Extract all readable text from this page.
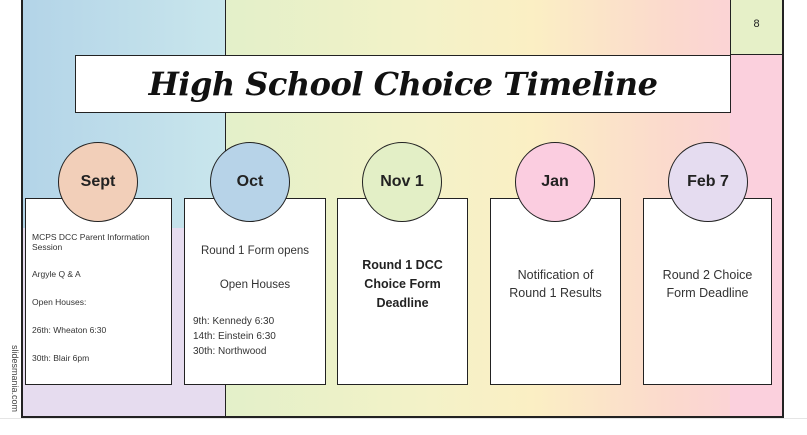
8
High School Choice Timeline
MCPS DCC Parent Information Session
Argyle Q & A
Open Houses:
26th: Wheaton 6:30
30th: Blair 6pm
Round 1 Form opens
Open Houses
9th: Kennedy 6:30
14th: Einstein 6:30
30th: Northwood
Round 1 DCC
Choice Form
Deadline
Notification of
Round 1 Results
Round 2 Choice
Form Deadline
Sept	Oct	Nov 1	Jan	Feb 7
slidesmania.com
